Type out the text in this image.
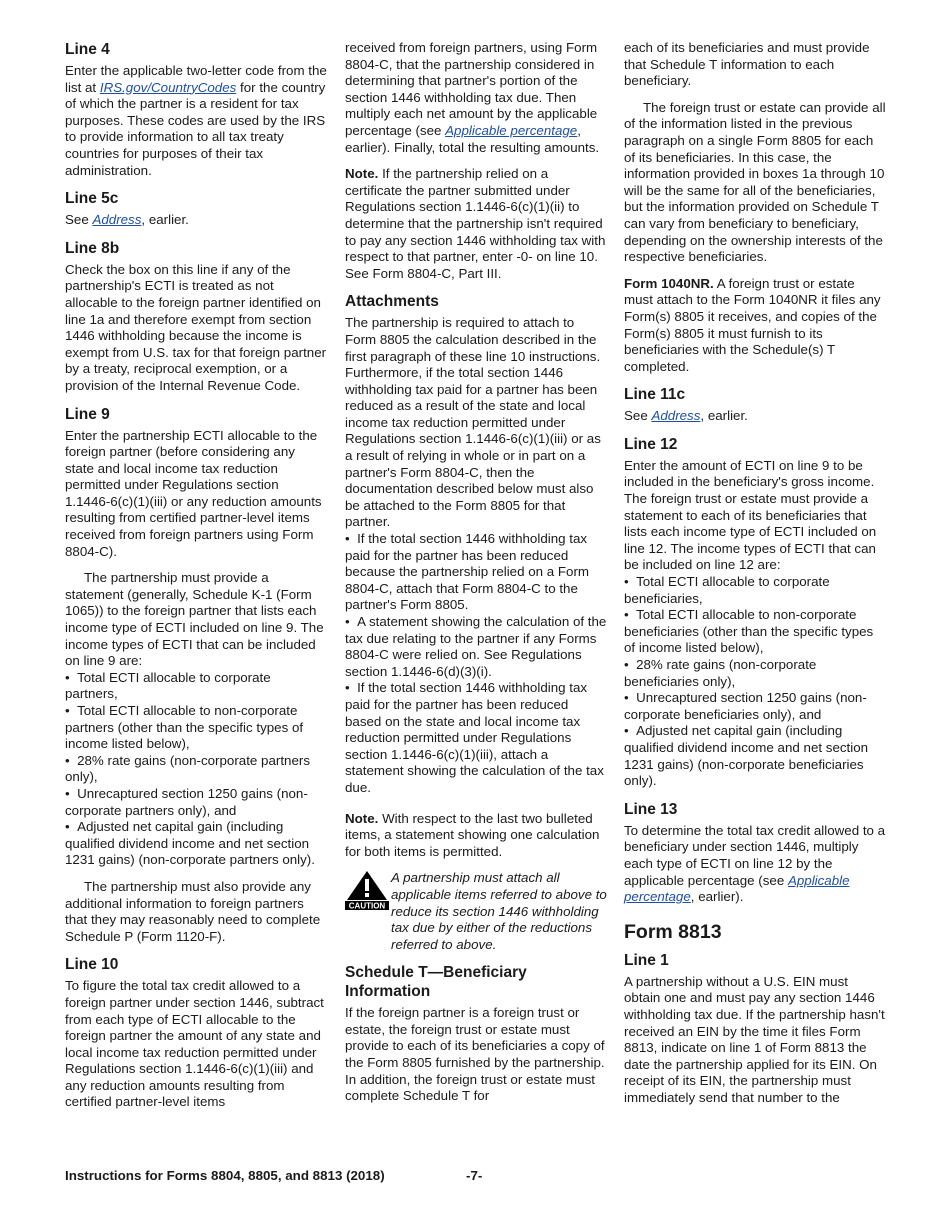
Line 4

Enter the applicable two-letter code from the list at IRS.gov/CountryCodes for the country of which the partner is a resident for tax purposes. These codes are used by the IRS to provide information to all tax treaty countries for purposes of their tax administration.

Line 5c

See Address, earlier.

Line 8b

Check the box on this line if any of the partnership's ECTI is treated as not allocable to the foreign partner identified on line 1a and therefore exempt from section 1446 withholding because the income is exempt from U.S. tax for that foreign partner by a treaty, reciprocal exemption, or a provision of the Internal Revenue Code.

Line 9

Enter the partnership ECTI allocable to the foreign partner (before considering any state and local income tax reduction permitted under Regulations section 1.1446-6(c)(1)(iii) or any reduction amounts resulting from certified partner-level items received from foreign partners using Form 8804-C).

The partnership must provide a statement (generally, Schedule K-1 (Form 1065)) to the foreign partner that lists each income type of ECTI included on line 9. The income types of ECTI that can be included on line 9 are:

•  Total ECTI allocable to corporate partners,

•  Total ECTI allocable to non-corporate partners (other than the specific types of income listed below),

•  28% rate gains (non-corporate partners only),

•  Unrecaptured section 1250 gains (non-corporate partners only), and

•  Adjusted net capital gain (including qualified dividend income and net section 1231 gains) (non-corporate partners only).

The partnership must also provide any additional information to foreign partners that they may reasonably need to complete Schedule P (Form 1120-F).

Line 10

To figure the total tax credit allowed to a foreign partner under section 1446, subtract from each type of ECTI allocable to the foreign partner the amount of any state and local income tax reduction permitted under Regulations section 1.1446-6(c)(1)(iii) and any reduction amounts resulting from certified partner-level items

received from foreign partners, using Form 8804-C, that the partnership considered in determining that partner's portion of the section 1446 withholding tax due. Then multiply each net amount by the applicable percentage (see Applicable percentage, earlier). Finally, total the resulting amounts.

Note. If the partnership relied on a certificate the partner submitted under Regulations section 1.1446-6(c)(1)(ii) to determine that the partnership isn't required to pay any section 1446 withholding tax with respect to that partner, enter -0- on line 10. See Form 8804-C, Part III.

Attachments

The partnership is required to attach to Form 8805 the calculation described in the first paragraph of these line 10 instructions. Furthermore, if the total section 1446 withholding tax paid for a partner has been reduced as a result of the state and local income tax reduction permitted under Regulations section 1.1446-6(c)(1)(iii) or as a result of relying in whole or in part on a partner's Form 8804-C, then the documentation described below must also be attached to the Form 8805 for that partner.

•  If the total section 1446 withholding tax paid for the partner has been reduced because the partnership relied on a Form 8804-C, attach that Form 8804-C to the partner's Form 8805.

•  A statement showing the calculation of the tax due relating to the partner if any Forms 8804-C were relied on. See Regulations section 1.1446-6(d)(3)(i).

•  If the total section 1446 withholding tax paid for the partner has been reduced based on the state and local income tax reduction permitted under Regulations section 1.1446-6(c)(1)(iii), attach a statement showing the calculation of the tax due.

Note. With respect to the last two bulleted items, a statement showing one calculation for both items is permitted.

CAUTION

A partnership must attach all applicable items referred to above to reduce its section 1446 withholding tax due by either of the reductions referred to above.

Schedule T—Beneficiary Information

If the foreign partner is a foreign trust or estate, the foreign trust or estate must provide to each of its beneficiaries a copy of the Form 8805 furnished by the partnership. In addition, the foreign trust or estate must complete Schedule T for

each of its beneficiaries and must provide that Schedule T information to each beneficiary.

The foreign trust or estate can provide all of the information listed in the previous paragraph on a single Form 8805 for each of its beneficiaries. In this case, the information provided in boxes 1a through 10 will be the same for all of the beneficiaries, but the information provided on Schedule T can vary from beneficiary to beneficiary, depending on the ownership interests of the respective beneficiaries.

Form 1040NR. A foreign trust or estate must attach to the Form 1040NR it files any Form(s) 8805 it receives, and copies of the Form(s) 8805 it must furnish to its beneficiaries with the Schedule(s) T completed.

Line 11c

See Address, earlier.

Line 12

Enter the amount of ECTI on line 9 to be included in the beneficiary's gross income. The foreign trust or estate must provide a statement to each of its beneficiaries that lists each income type of ECTI included on line 12. The income types of ECTI that can be included on line 12 are:

•  Total ECTI allocable to corporate beneficiaries,

•  Total ECTI allocable to non-corporate beneficiaries (other than the specific types of income listed below),

•  28% rate gains (non-corporate beneficiaries only),

•  Unrecaptured section 1250 gains (non-corporate beneficiaries only), and

•  Adjusted net capital gain (including qualified dividend income and net section 1231 gains) (non-corporate beneficiaries only).

Line 13

To determine the total tax credit allowed to a beneficiary under section 1446, multiply each type of ECTI on line 12 by the applicable percentage (see Applicable percentage, earlier).

Form 8813
Line 1

A partnership without a U.S. EIN must obtain one and must pay any section 1446 withholding tax due. If the partnership hasn't received an EIN by the time it files Form 8813, indicate on line 1 of Form 8813 the date the partnership applied for its EIN. On receipt of its EIN, the partnership must immediately send that number to the

Instructions for Forms 8804, 8805, and 8813 (2018)	-7-
